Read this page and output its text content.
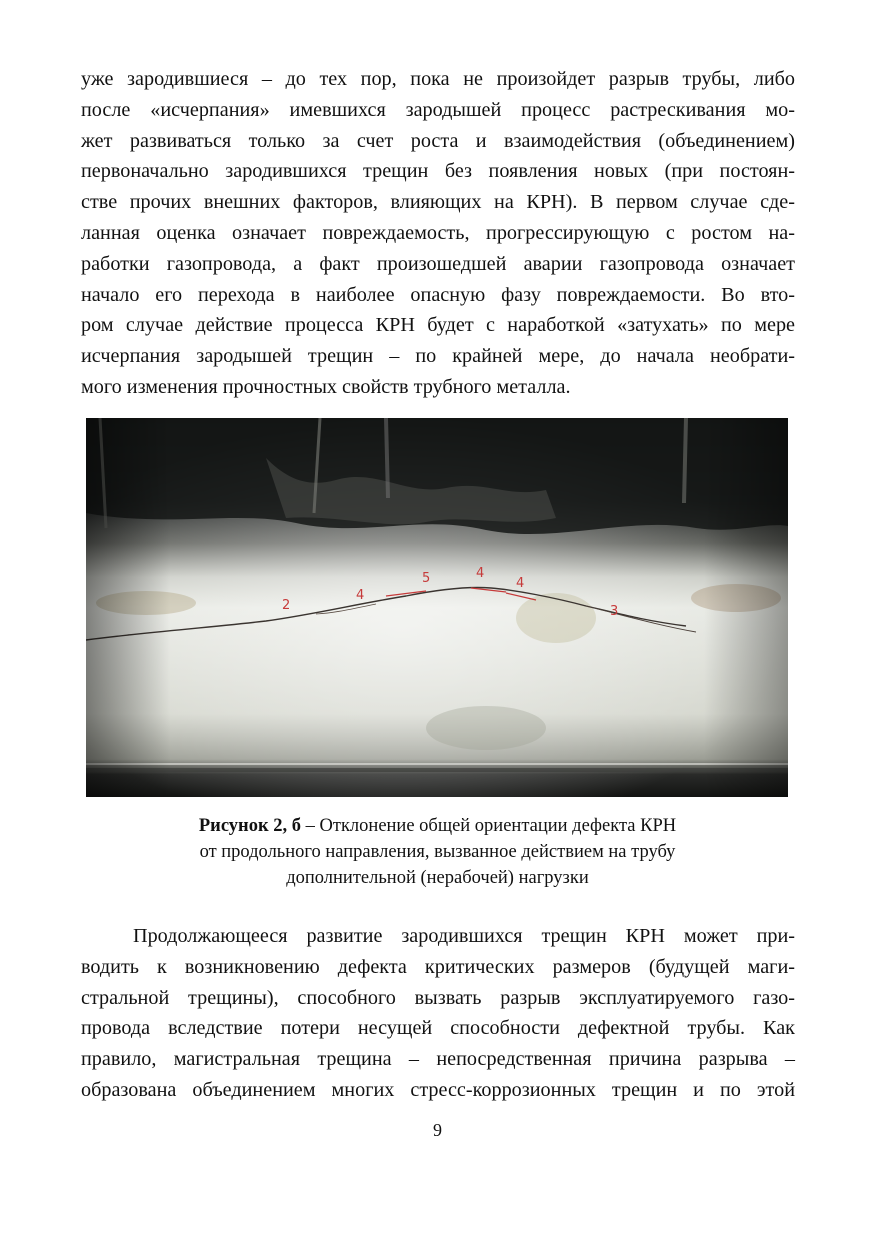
уже зародившиеся – до тех пор, пока не произойдет разрыв трубы, либо
после «исчерпания» имевшихся зародышей процесс растрескивания мо-
жет развиваться только за счет роста и взаимодействия (объединением)
первоначально зародившихся трещин без появления новых (при постоян-
стве прочих внешних факторов, влияющих на КРН). В первом случае сде-
ланная оценка означает повреждаемость, прогрессирующую с ростом на-
работки газопровода, а факт произошедшей аварии газопровода означает
начало его перехода в наиболее опасную фазу повреждаемости. Во вто-
ром случае действие процесса КРН будет с наработкой «затухать» по мере
исчерпания зародышей трещин – по крайней мере, до начала необрати-
мого изменения прочностных свойств трубного металла.
Рисунок 2, б – Отклонение общей ориентации дефекта КРН
от продольного направления, вызванное действием на трубу
дополнительной (нерабочей) нагрузки
Продолжающееся развитие зародившихся трещин КРН может при-
водить к возникновению дефекта критических размеров (будущей маги-
стральной трещины), способного вызвать разрыв эксплуатируемого газо-
провода вследствие потери несущей способности дефектной трубы. Как
правило, магистральная трещина – непосредственная причина разрыва –
образована объединением многих стресс-коррозионных трещин и по этой
9
